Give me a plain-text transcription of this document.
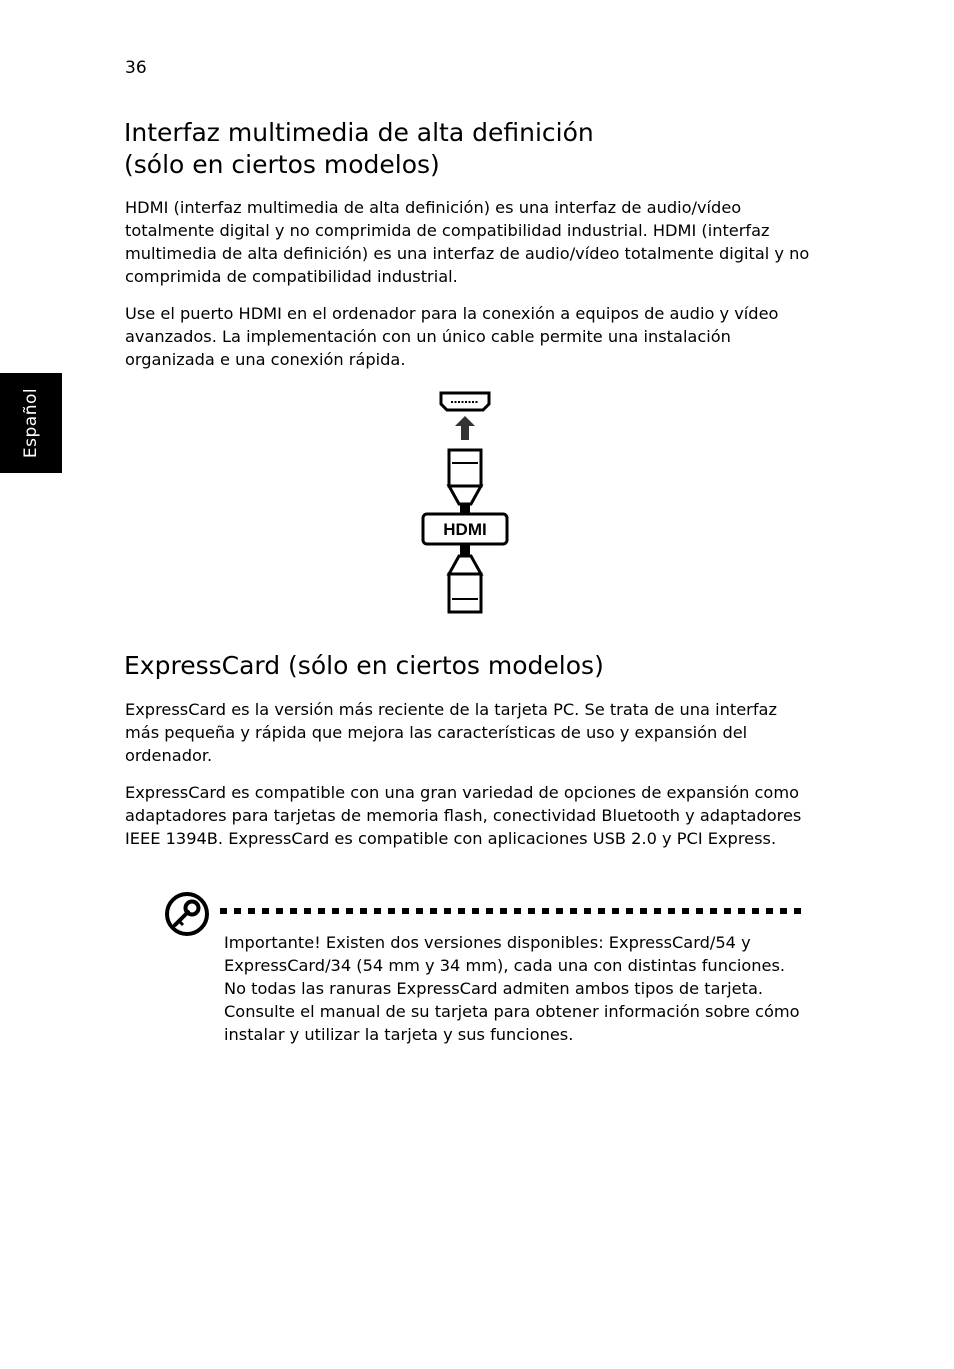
36
Español
Interfaz multimedia de alta definición
(sólo en ciertos modelos)

HDMI (interfaz multimedia de alta definición) es una interfaz de audio/vídeo totalmente digital y no comprimida de compatibilidad industrial. HDMI (interfaz multimedia de alta definición) es una interfaz de audio/vídeo totalmente digital y no comprimida de compatibilidad industrial.

Use el puerto HDMI en el ordenador para la conexión a equipos de audio y vídeo avanzados. La implementación con un único cable permite una instalación organizada e una conexión rápida.

HDMI
ExpressCard (sólo en ciertos modelos)

ExpressCard es la versión más reciente de la tarjeta PC. Se trata de una interfaz más pequeña y rápida que mejora las características de uso y expansión del ordenador.

ExpressCard es compatible con una gran variedad de opciones de expansión como adaptadores para tarjetas de memoria flash, conectividad Bluetooth y adaptadores IEEE 1394B. ExpressCard es compatible con aplicaciones USB 2.0 y PCI Express.

Importante! Existen dos versiones disponibles: ExpressCard/54 y ExpressCard/34 (54 mm y 34 mm), cada una con distintas funciones. No todas las ranuras ExpressCard admiten ambos tipos de tarjeta. Consulte el manual de su tarjeta para obtener información sobre cómo instalar y utilizar la tarjeta y sus funciones.
